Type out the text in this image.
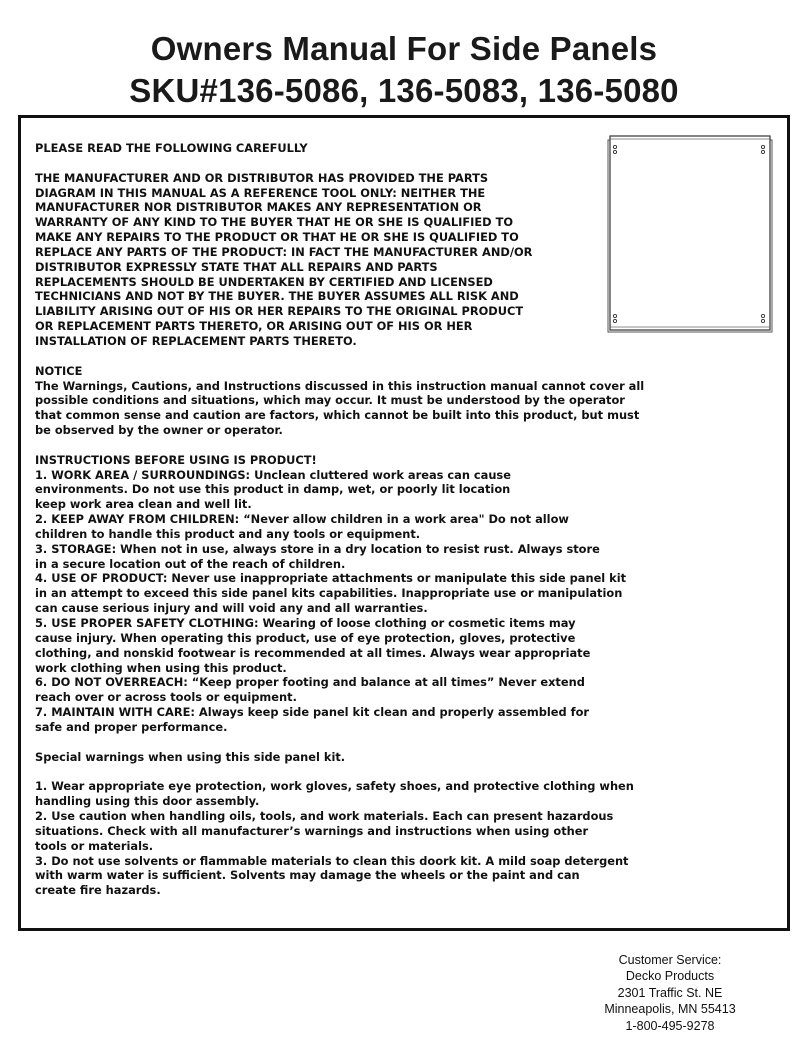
Owners Manual For Side Panels
SKU#136-5086, 136-5083, 136-5080
PLEASE READ THE FOLLOWING CAREFULLY
THE MANUFACTURER AND OR DISTRIBUTOR HAS PROVIDED THE PARTS
DIAGRAM IN THIS MANUAL AS A REFERENCE TOOL ONLY: NEITHER THE
MANUFACTURER NOR DISTRIBUTOR MAKES ANY REPRESENTATION OR
WARRANTY OF ANY KIND TO THE BUYER THAT HE OR SHE IS QUALIFIED TO
MAKE ANY REPAIRS TO THE PRODUCT OR THAT HE OR SHE IS QUALIFIED TO
REPLACE ANY PARTS OF THE PRODUCT: IN FACT THE MANUFACTURER AND/OR
DISTRIBUTOR EXPRESSLY STATE THAT ALL REPAIRS AND PARTS
REPLACEMENTS SHOULD BE UNDERTAKEN BY CERTIFIED AND LICENSED
TECHNICIANS AND NOT BY THE BUYER. THE BUYER ASSUMES ALL RISK AND
LIABILITY ARISING OUT OF HIS OR HER REPAIRS TO THE ORIGINAL PRODUCT
OR REPLACEMENT PARTS THERETO, OR ARISING OUT OF HIS OR HER
INSTALLATION OF REPLACEMENT PARTS THERETO.
NOTICE
The Warnings, Cautions, and Instructions discussed in this instruction manual cannot cover all
possible conditions and situations, which may occur. It must be understood by the operator
that common sense and caution are factors, which cannot be built into this product, but must
be observed by the owner or operator.
INSTRUCTIONS BEFORE USING IS PRODUCT!
1. WORK AREA / SURROUNDINGS: Unclean cluttered work areas can cause
environments. Do not use this product in damp, wet, or poorly lit location
keep work area clean and well lit.
2. KEEP AWAY FROM CHILDREN: “Never allow children in a work area" Do not allow
children to handle this product and any tools or equipment.
3. STORAGE: When not in use, always store in a dry location to resist rust. Always store
in a secure location out of the reach of children.
4. USE OF PRODUCT: Never use inappropriate attachments or manipulate this side panel kit
in an attempt to exceed this side panel kits capabilities. Inappropriate use or manipulation
can cause serious injury and will void any and all warranties.
5. USE PROPER SAFETY CLOTHING: Wearing of loose clothing or cosmetic items may
cause injury. When operating this product, use of eye protection, gloves, protective
clothing, and nonskid footwear is recommended at all times. Always wear appropriate
work clothing when using this product.
6. DO NOT OVERREACH: “Keep proper footing and balance at all times” Never extend
reach over or across tools or equipment.
7. MAINTAIN WITH CARE: Always keep side panel kit clean and properly assembled for
safe and proper performance.
Special warnings when using this side panel kit.
1. Wear appropriate eye protection, work gloves, safety shoes, and protective clothing when
handling using this door assembly.
2. Use caution when handling oils, tools, and work materials. Each can present hazardous
situations. Check with all manufacturer’s warnings and instructions when using other
tools or materials.
3. Do not use solvents or flammable materials to clean this doork kit. A mild soap detergent
with warm water is sufficient. Solvents may damage the wheels or the paint and can
create fire hazards.
Customer Service:
Decko Products
2301 Traffic St. NE
Minneapolis, MN 55413
1-800-495-9278
